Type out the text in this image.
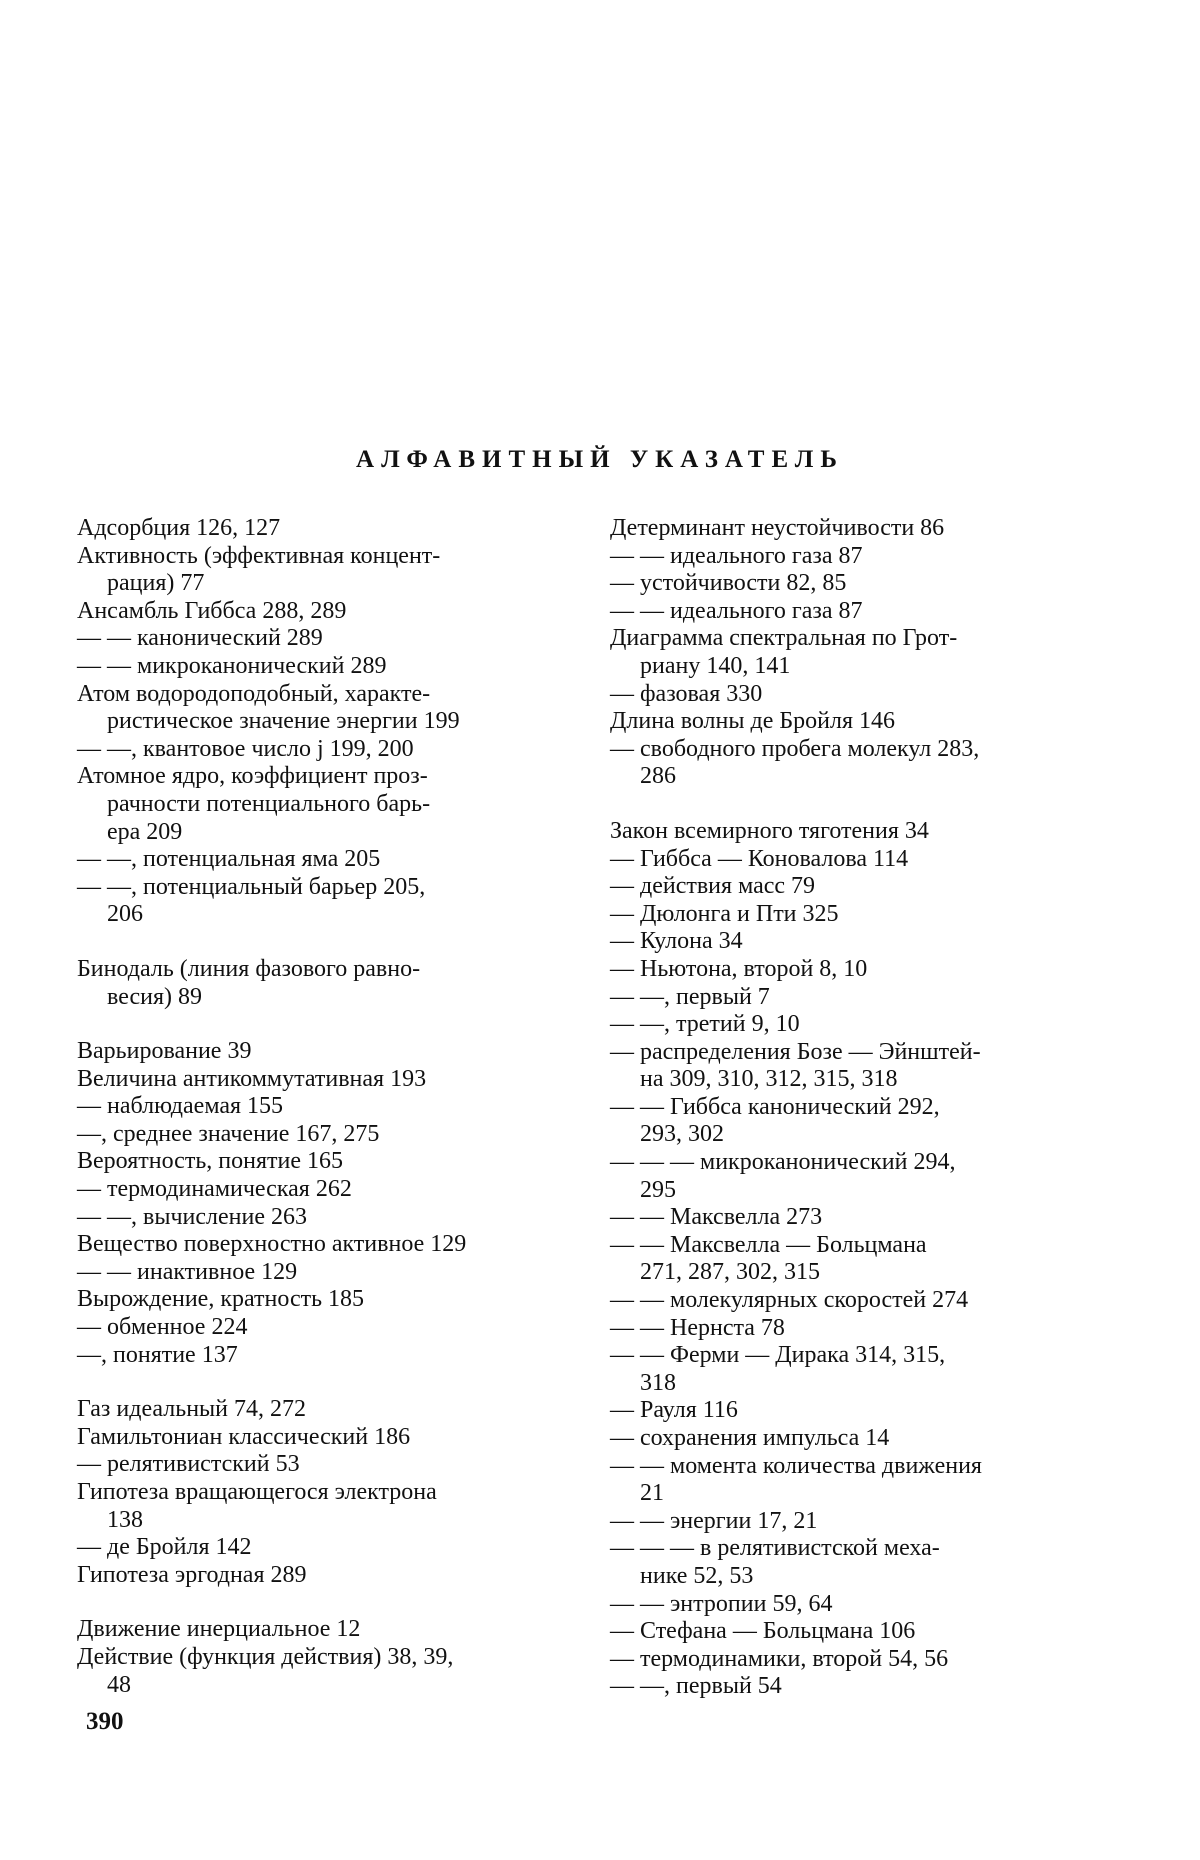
АЛФАВИТНЫЙ УКАЗАТЕЛЬ
Адсорбция 126, 127
Активность (эффективная концент-
рация) 77
Ансамбль Гиббса 288, 289
— — канонический 289
— — микроканонический 289
Атом водородоподобный, характе-
ристическое значение энергии 199
— —, квантовое число j 199, 200
Атомное ядро, коэффициент проз-
рачности потенциального барь-
ера 209
— —, потенциальная яма 205
— —, потенциальный барьер 205,
206
Бинодаль (линия фазового равно-
весия) 89
Варьирование 39
Величина антикоммутативная 193
— наблюдаемая 155
—, среднее значение 167, 275
Вероятность, понятие 165
— термодинамическая 262
— —, вычисление 263
Вещество поверхностно активное 129
— — инактивное 129
Вырождение, кратность 185
— обменное 224
—, понятие 137
Газ идеальный 74, 272
Гамильтониан классический 186
— релятивистский 53
Гипотеза вращающегося электрона
138
— де Бройля 142
Гипотеза эргодная 289
Движение инерциальное 12
Действие (функция действия) 38, 39,
48
Детерминант неустойчивости 86
— — идеального газа 87
— устойчивости 82, 85
— — идеального газа 87
Диаграмма спектральная по Грот-
риану 140, 141
— фазовая 330
Длина волны де Бройля 146
— свободного пробега молекул 283,
286
Закон всемирного тяготения 34
— Гиббса — Коновалова 114
— действия масс 79
— Дюлонга и Пти 325
— Кулона 34
— Ньютона, второй 8, 10
— —, первый 7
— —, третий 9, 10
— распределения Бозе — Эйнштей-
на 309, 310, 312, 315, 318
— — Гиббса канонический 292,
293, 302
— — — микроканонический 294,
295
— — Максвелла 273
— — Максвелла — Больцмана
271, 287, 302, 315
— — молекулярных скоростей 274
— — Нернста 78
— — Ферми — Дирака 314, 315,
318
— Рауля 116
— сохранения импульса 14
— — момента количества движения
21
— — энергии 17, 21
— — — в релятивистской меха-
нике 52, 53
— — энтропии 59, 64
— Стефана — Больцмана 106
— термодинамики, второй 54, 56
— —, первый 54

390
